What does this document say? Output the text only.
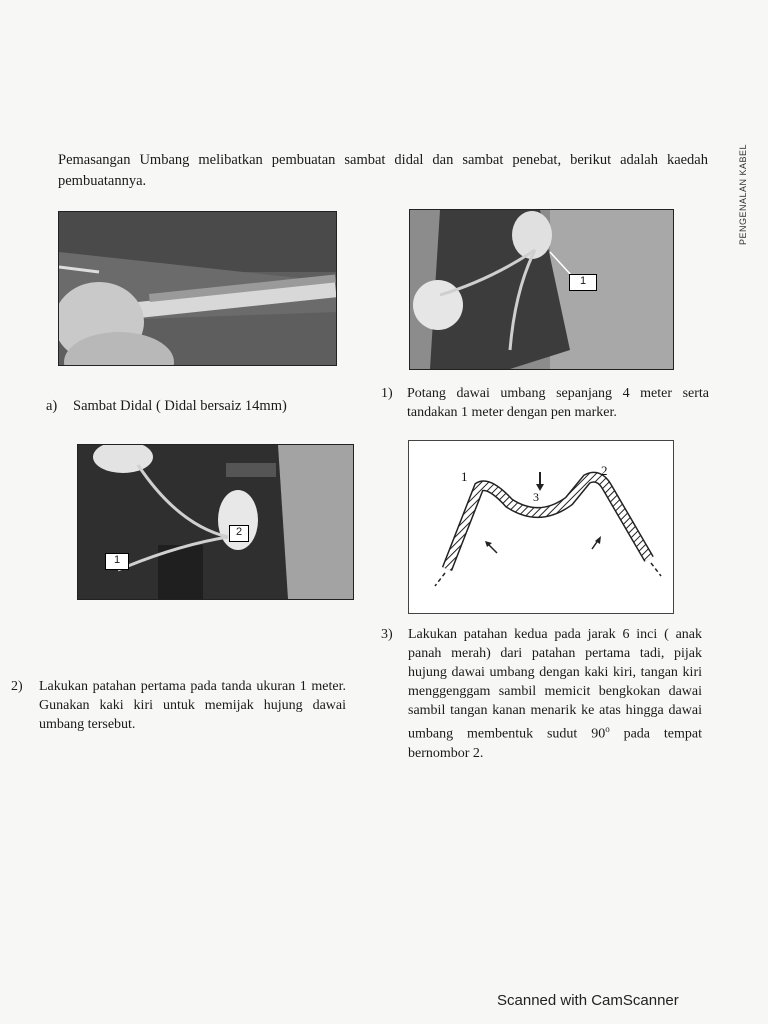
Pemasangan Umbang melibatkan pembuatan sambat didal dan sambat penebat, berikut adalah kaedah pembuatannya.	PENGENALAN KABEL
1
a) Sambat Didal ( Didal bersaiz 14mm)
1) Potang dawai umbang sepanjang 4 meter serta tandakan 1 meter dengan pen marker.
1
2
1	2
3
3) Lakukan patahan kedua pada jarak 6 inci ( anak panah merah) dari patahan pertama tadi, pijak hujung dawai umbang dengan kaki kiri, tangan kiri menggenggam sambil memicit bengkokan dawai sambil tangan kanan menarik ke atas hingga dawai umbang membentuk sudut 90$^o$ pada tempat bernombor 2.
2) Lakukan patahan pertama pada tanda ukuran 1 meter. Gunakan kaki kiri untuk memijak hujung dawai umbang tersebut.
Scanned with CamScanner
